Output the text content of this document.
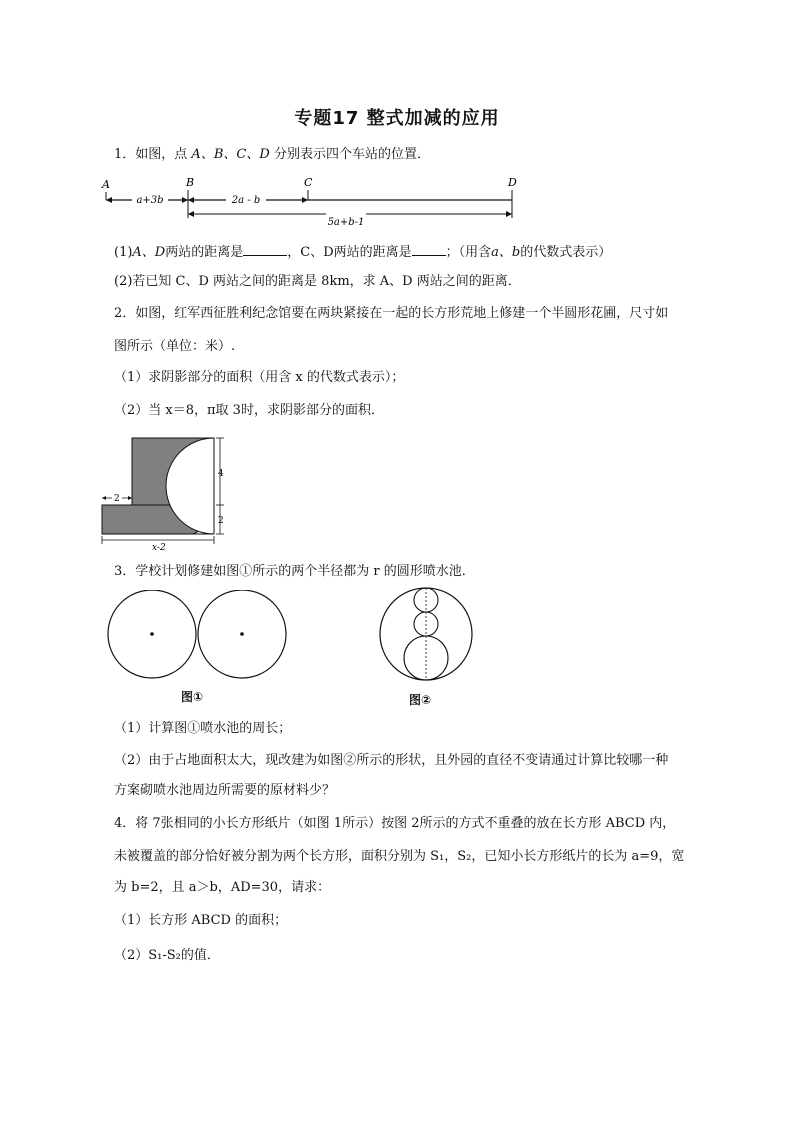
专题17 整式加减的应用
1．如图，点 A、B、C、D 分别表示四个车站的位置．
a+3b	2a - b
5a+b-1
A	B	C	D
(1)A、D两站的距离是	，C、D两站的距离是	；（用含a、b的代数式表示）
(2)若已知 C、D 两站之间的距离是 8km，求 A、D 两站之间的距离．
2．如图，红军西征胜利纪念馆要在两块紧接在一起的长方形荒地上修建一个半圆形花圃，尺寸如
图所示（单位：米）.
（1）求阴影部分的面积（用含 x 的代数式表示）；
（2）当 x＝8，π取 3时，求阴影部分的面积．
4
2
2
x-2
3．学校计划修建如图①所示的两个半径都为 r 的圆形喷水池．
图①	图②
（1）计算图①喷水池的周长；
（2）由于占地面积太大，现改建为如图②所示的形状，且外园的直径不变请通过计算比较哪一种
方案砌喷水池周边所需要的原材料少？
4．将 7张相同的小长方形纸片（如图 1所示）按图 2所示的方式不重叠的放在长方形 ABCD 内，
未被覆盖的部分恰好被分割为两个长方形，面积分别为 S₁，S₂，已知小长方形纸片的长为 a=9，宽
为 b=2，且 a＞b，AD=30，请求：
（1）长方形 ABCD 的面积；
（2）S₁-S₂的值．
